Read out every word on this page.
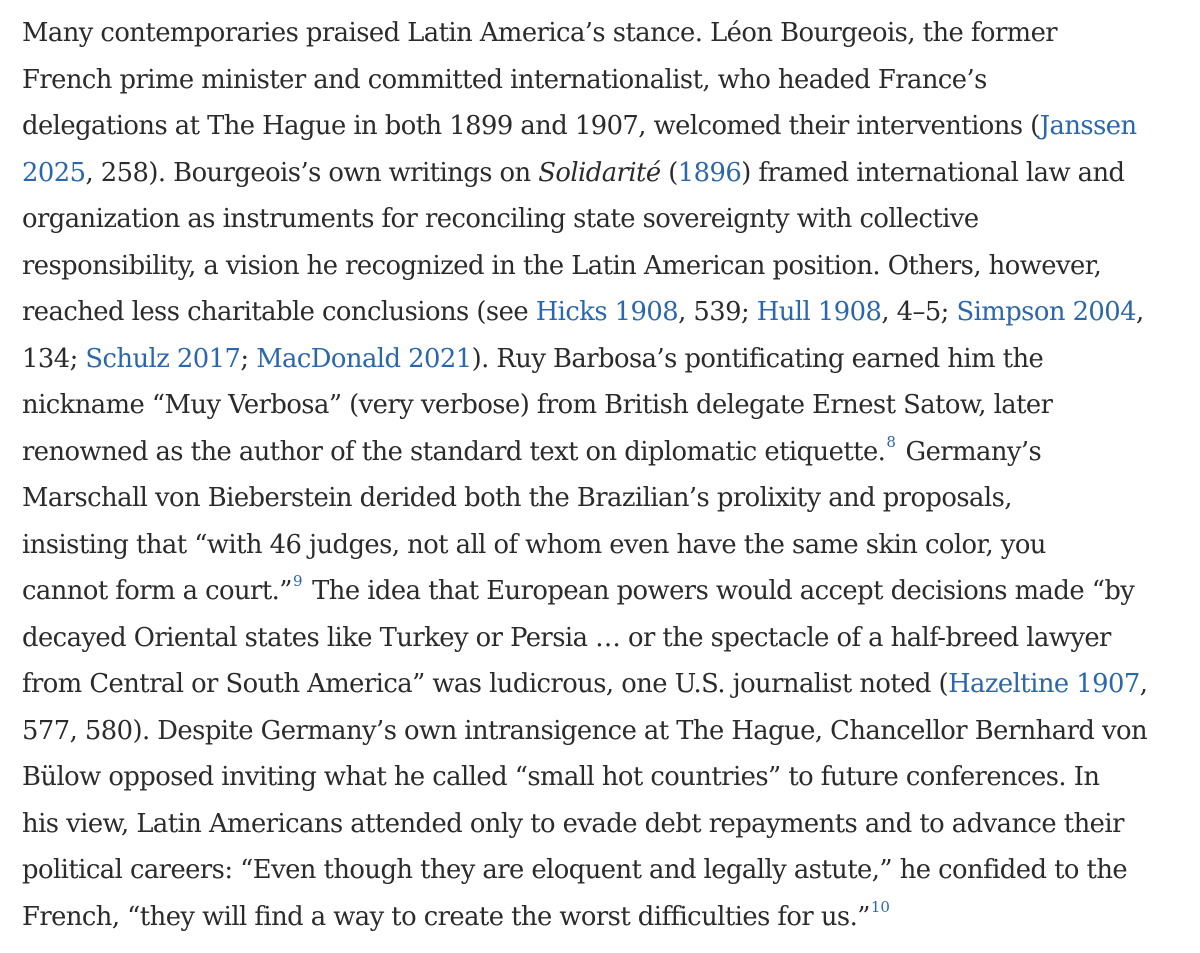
Many contemporaries praised Latin America’s stance. Léon Bourgeois, the former
French prime minister and committed internationalist, who headed France’s
delegations at The Hague in both 1899 and 1907, welcomed their interventions (Janssen
2025, 258). Bourgeois’s own writings on Solidarité (1896) framed international law and
organization as instruments for reconciling state sovereignty with collective
responsibility, a vision he recognized in the Latin American position. Others, however,
reached less charitable conclusions (see Hicks 1908, 539; Hull 1908, 4–5; Simpson 2004,
134; Schulz 2017; MacDonald 2021). Ruy Barbosa’s pontificating earned him the
nickname “Muy Verbosa” (very verbose) from British delegate Ernest Satow, later
renowned as the author of the standard text on diplomatic etiquette.$^8$ Germany’s
Marschall von Bieberstein derided both the Brazilian’s prolixity and proposals,
insisting that “with 46 judges, not all of whom even have the same skin color, you
cannot form a court.”$^9$ The idea that European powers would accept decisions made “by
decayed Oriental states like Turkey or Persia … or the spectacle of a half-breed lawyer
from Central or South America” was ludicrous, one U.S. journalist noted (Hazeltine 1907,
577, 580). Despite Germany’s own intransigence at The Hague, Chancellor Bernhard von
Bülow opposed inviting what he called “small hot countries” to future conferences. In
his view, Latin Americans attended only to evade debt repayments and to advance their
political careers: “Even though they are eloquent and legally astute,” he confided to the
French, “they will find a way to create the worst difficulties for us.”$^{10}$
